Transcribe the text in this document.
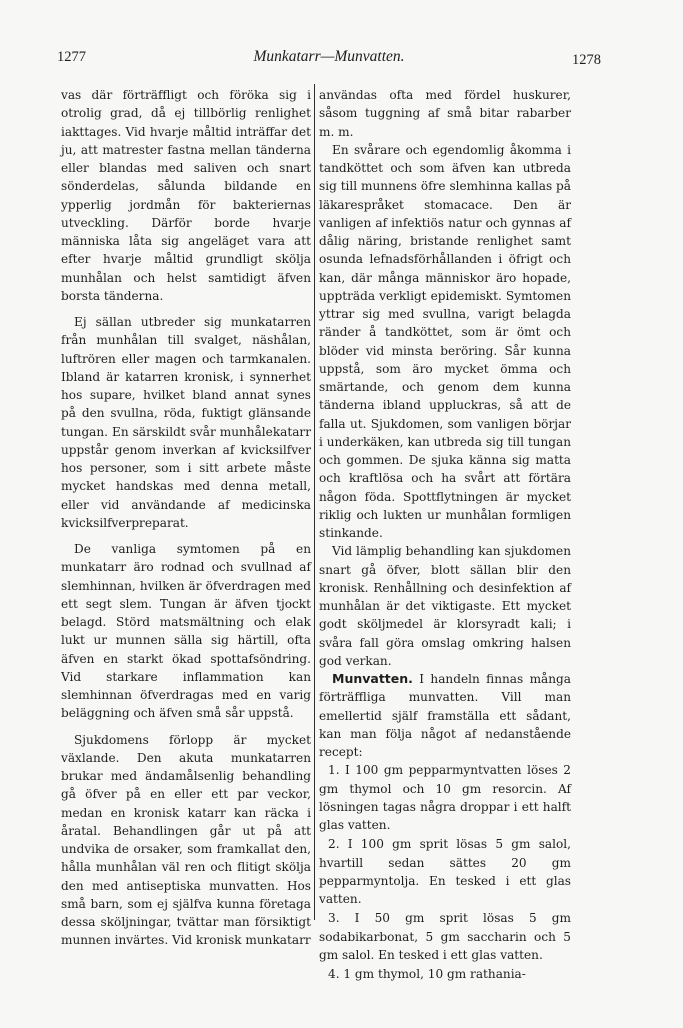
1277	Munkatarr—Munvatten.	1278

vas där förträffligt och föröka sig i otrolig grad, då ej tillbörlig renlighet iakttages. Vid hvarje måltid inträffar det ju, att matrester fastna mellan tänderna eller blandas med saliven och snart sönderdelas, sålunda bildande en ypperlig jordmån för bakteriernas utveckling. Därför borde hvarje människa låta sig angeläget vara att efter hvarje måltid grundligt skölja munhålan och helst samtidigt äfven borsta tänderna.

Ej sällan utbreder sig munkatarren från munhålan till svalget, näshålan, luftrören eller magen och tarmkanalen. Ibland är katarren kronisk, i synnerhet hos supare, hvilket bland annat synes på den svullna, röda, fuktigt glänsande tungan. En särskildt svår munhålekatarr uppstår genom inverkan af kvicksilfver hos personer, som i sitt arbete måste mycket handskas med denna metall, eller vid användande af medicinska kvicksilfverpreparat.

De vanliga symtomen på en munkatarr äro rodnad och svullnad af slemhinnan, hvilken är öfverdragen med ett segt slem. Tungan är äfven tjockt belagd. Störd matsmältning och elak lukt ur munnen sälla sig härtill, ofta äfven en starkt ökad spottafsöndring. Vid starkare inflammation kan slemhinnan öfverdragas med en varig beläggning och äfven små sår uppstå.

Sjukdomens förlopp är mycket växlande. Den akuta munkatarren brukar med ändamålsenlig behandling gå öfver på en eller ett par veckor, medan en kronisk katarr kan räcka i åratal. Behandlingen går ut på att undvika de orsaker, som framkallat den, hålla munhålan väl ren och flitigt skölja den med antiseptiska munvatten. Hos små barn, som ej själfva kunna företaga dessa sköljningar, tvättar man försiktigt munnen invärtes. Vid kronisk munkatarr

användas ofta med fördel huskurer, såsom tuggning af små bitar rabarber m. m.

En svårare och egendomlig åkomma i tandköttet och som äfven kan utbreda sig till munnens öfre slemhinna kallas på läkarespråket stomacace. Den är vanligen af infektiös natur och gynnas af dålig näring, bristande renlighet samt osunda lefnadsförhållanden i öfrigt och kan, där många människor äro hopade, uppträda verkligt epidemiskt. Symtomen yttrar sig med svullna, varigt belagda ränder å tandköttet, som är ömt och blöder vid minsta beröring. Sår kunna uppstå, som äro mycket ömma och smärtande, och genom dem kunna tänderna ibland uppluckras, så att de falla ut. Sjukdomen, som vanligen börjar i underkäken, kan utbreda sig till tungan och gommen. De sjuka känna sig matta och kraftlösa och ha svårt att förtära någon föda. Spottflytningen är mycket riklig och lukten ur munhålan formligen stinkande.

Vid lämplig behandling kan sjukdomen snart gå öfver, blott sällan blir den kronisk. Renhållning och desinfektion af munhålan är det viktigaste. Ett mycket godt sköljmedel är klorsyradt kali; i svåra fall göra omslag omkring halsen god verkan.

Munvatten. I handeln finnas många förträffliga munvatten. Vill man emellertid själf framställa ett sådant, kan man följa något af nedanstående recept:

1. I 100 gm pepparmyntvatten löses 2 gm thymol och 10 gm resorcin. Af lösningen tagas några droppar i ett halft glas vatten.

2. I 100 gm sprit lösas 5 gm salol, hvartill sedan sättes 20 gm pepparmyntolja. En tesked i ett glas vatten.

3. I 50 gm sprit lösas 5 gm sodabikarbonat, 5 gm saccharin och 5 gm salol. En tesked i ett glas vatten.

4. 1 gm thymol, 10 gm rathania-
